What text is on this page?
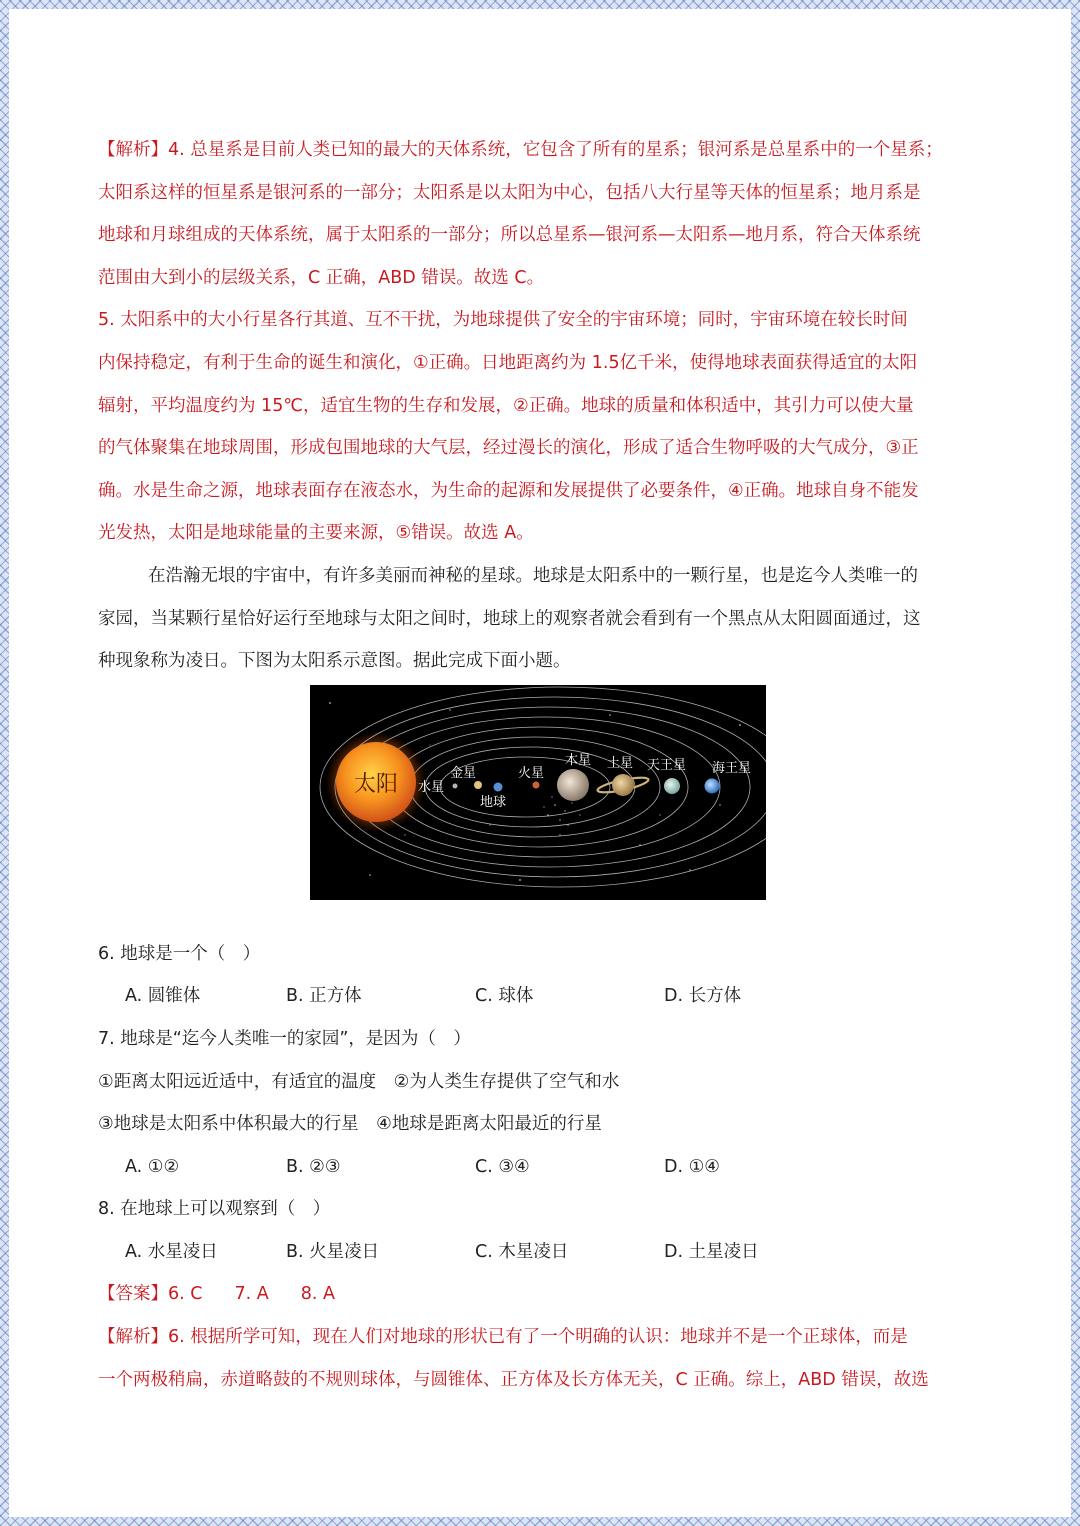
【解析】4. 总星系是目前人类已知的最大的天体系统，它包含了所有的星系；银河系是总星系中的一个星系；

太阳系这样的恒星系是银河系的一部分；太阳系是以太阳为中心，包括八大行星等天体的恒星系；地月系是

地球和月球组成的天体系统，属于太阳系的一部分；所以总星系—银河系—太阳系—地月系，符合天体系统

范围由大到小的层级关系，C 正确，ABD 错误。故选 C。

5. 太阳系中的大小行星各行其道、互不干扰，为地球提供了安全的宇宙环境；同时，宇宙环境在较长时间

内保持稳定，有利于生命的诞生和演化，①正确。日地距离约为 1.5亿千米，使得地球表面获得适宜的太阳

辐射，平均温度约为 15℃，适宜生物的生存和发展，②正确。地球的质量和体积适中，其引力可以使大量

的气体聚集在地球周围，形成包围地球的大气层，经过漫长的演化，形成了适合生物呼吸的大气成分，③正

确。水是生命之源，地球表面存在液态水，为生命的起源和发展提供了必要条件，④正确。地球自身不能发

光发热，太阳是地球能量的主要来源，⑤错误。故选 A。

在浩瀚无垠的宇宙中，有许多美丽而神秘的星球。地球是太阳系中的一颗行星，也是迄今人类唯一的

家园，当某颗行星恰好运行至地球与太阳之间时，地球上的观察者就会看到有一个黑点从太阳圆面通过，这

种现象称为凌日。下图为太阳系示意图。据此完成下面小题。

太阳 水星
金星
地球
火星
木星 土星 天王星 海王星

6. 地球是一个（　）

A. 圆锥体	B. 正方体	C. 球体	D. 长方体

7. 地球是“迄今人类唯一的家园”，是因为（　）

①距离太阳远近适中，有适宜的温度　②为人类生存提供了空气和水

③地球是太阳系中体积最大的行星　④地球是距离太阳最近的行星

A. ①②	B. ②③	C. ③④	D. ①④

8. 在地球上可以观察到（　）

A. 水星凌日	B. 火星凌日	C. 木星凌日	D. 土星凌日

【答案】6. C 7. A 8. A

【解析】6. 根据所学可知，现在人们对地球的形状已有了一个明确的认识：地球并不是一个正球体，而是

一个两极稍扁，赤道略鼓的不规则球体，与圆锥体、正方体及长方体无关，C 正确。综上，ABD 错误，故选
